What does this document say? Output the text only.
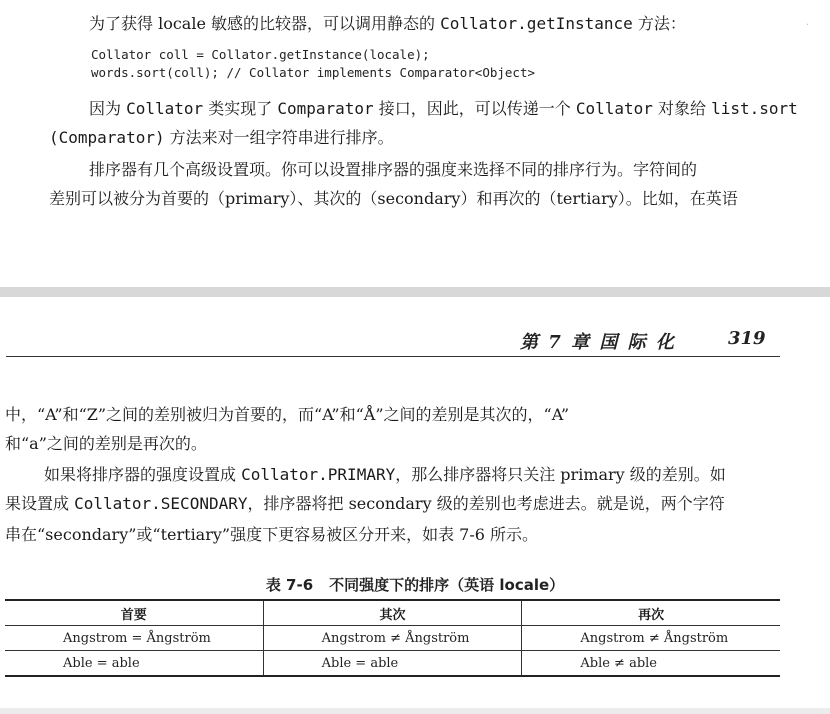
·
为了获得 locale 敏感的比较器，可以调用静态的 Collator.getInstance 方法：
Collator coll = Collator.getInstance(locale);
words.sort(coll); // Collator implements Comparator<Object>
因为 Collator 类实现了 Comparator 接口，因此，可以传递一个 Collator 对象给 list.sort
(Comparator) 方法来对一组字符串进行排序。
排序器有几个高级设置项。你可以设置排序器的强度来选择不同的排序行为。字符间的
差别可以被分为首要的（primary）、其次的（secondary）和再次的（tertiary）。比如，在英语
第 7 章 国 际 化	319
中，“A”和“Z”之间的差别被归为首要的，而“A”和“Å”之间的差别是其次的，“A”
和“a”之间的差别是再次的。
如果将排序器的强度设置成 Collator.PRIMARY，那么排序器将只关注 primary 级的差别。如
果设置成 Collator.SECONDARY，排序器将把 secondary 级的差别也考虑进去。就是说，两个字符
串在“secondary”或“tertiary”强度下更容易被区分开来，如表 7-6 所示。
表 7-6 不同强度下的排序（英语 locale）
首要	其次	再次
Angstrom = Ångström	Angstrom ≠ Ångström	Angstrom ≠ Ångström
Able = able	Able = able	Able ≠ able
